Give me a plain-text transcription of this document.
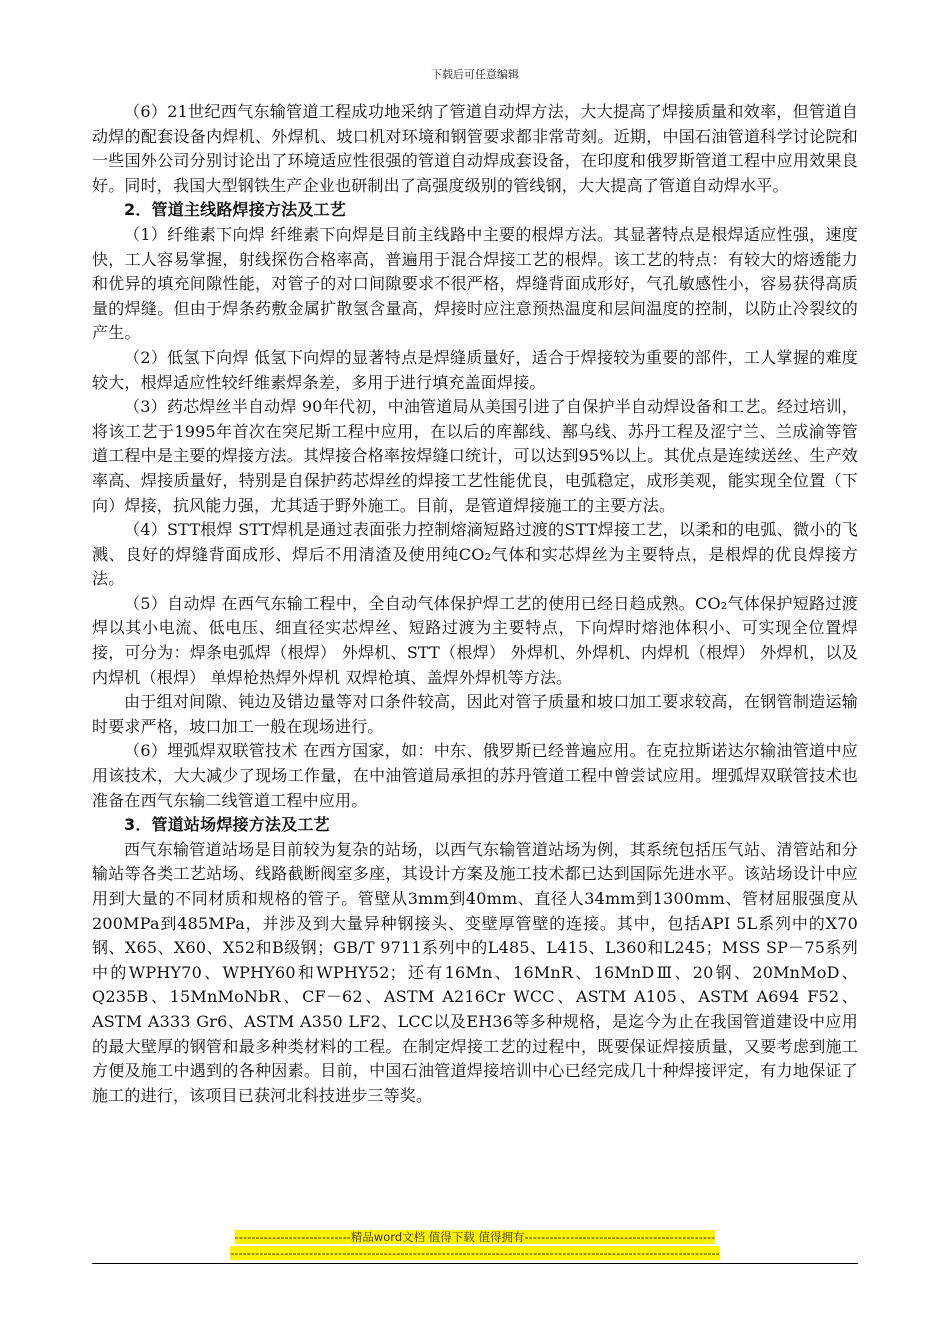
下载后可任意编辑

（6）21世纪西气东输管道工程成功地采纳了管道自动焊方法，大大提高了焊接质量和效率，但管道自动焊的配套设备内焊机、外焊机、坡口机对环境和钢管要求都非常苛刻。近期，中国石油管道科学讨论院和一些国外公司分别讨论出了环境适应性很强的管道自动焊成套设备，在印度和俄罗斯管道工程中应用效果良好。同时，我国大型钢铁生产企业也研制出了高强度级别的管线钢，大大提高了管道自动焊水平。

2．管道主线路焊接方法及工艺

（1）纤维素下向焊 纤维素下向焊是目前主线路中主要的根焊方法。其显著特点是根焊适应性强，速度快，工人容易掌握，射线探伤合格率高，普遍用于混合焊接工艺的根焊。该工艺的特点：有较大的熔透能力和优异的填充间隙性能，对管子的对口间隙要求不很严格，焊缝背面成形好，气孔敏感性小，容易获得高质量的焊缝。但由于焊条药敷金属扩散氢含量高，焊接时应注意预热温度和层间温度的控制，以防止冷裂纹的产生。

（2）低氢下向焊 低氢下向焊的显著特点是焊缝质量好，适合于焊接较为重要的部件，工人掌握的难度较大，根焊适应性较纤维素焊条差，多用于进行填充盖面焊接。

（3）药芯焊丝半自动焊 90年代初，中油管道局从美国引进了自保护半自动焊设备和工艺。经过培训，将该工艺于1995年首次在突尼斯工程中应用，在以后的库鄯线、鄯乌线、苏丹工程及涩宁兰、兰成渝等管道工程中是主要的焊接方法。其焊接合格率按焊缝口统计，可以达到95%以上。其优点是连续送丝、生产效率高、焊接质量好，特别是自保护药芯焊丝的焊接工艺性能优良，电弧稳定，成形美观，能实现全位置（下向）焊接，抗风能力强，尤其适于野外施工。目前，是管道焊接施工的主要方法。

（4）STT根焊 STT焊机是通过表面张力控制熔滴短路过渡的STT焊接工艺，以柔和的电弧、微小的飞溅、良好的焊缝背面成形、焊后不用清渣及使用纯CO₂气体和实芯焊丝为主要特点，是根焊的优良焊接方法。

（5）自动焊 在西气东输工程中，全自动气体保护焊工艺的使用已经日趋成熟。CO₂气体保护短路过渡焊以其小电流、低电压、细直径实芯焊丝、短路过渡为主要特点，下向焊时熔池体积小、可实现全位置焊接，可分为：焊条电弧焊（根焊） 外焊机、STT（根焊） 外焊机、外焊机、内焊机（根焊） 外焊机，以及内焊机（根焊） 单焊枪热焊外焊机 双焊枪填、盖焊外焊机等方法。

由于组对间隙、钝边及错边量等对口条件较高，因此对管子质量和坡口加工要求较高，在钢管制造运输时要求严格，坡口加工一般在现场进行。

（6）埋弧焊双联管技术 在西方国家，如：中东、俄罗斯已经普遍应用。在克拉斯诺达尔输油管道中应用该技术，大大减少了现场工作量，在中油管道局承担的苏丹管道工程中曾尝试应用。埋弧焊双联管技术也准备在西气东输二线管道工程中应用。

3．管道站场焊接方法及工艺

西气东输管道站场是目前较为复杂的站场，以西气东输管道站场为例，其系统包括压气站、清管站和分输站等各类工艺站场、线路截断阀室多座，其设计方案及施工技术都已达到国际先进水平。该站场设计中应用到大量的不同材质和规格的管子。管壁从3mm到40mm、直径人34mm到1300mm、管材屈服强度从200MPa到485MPa，并涉及到大量异种钢接头、变壁厚管壁的连接。其中，包括API 5L系列中的X70钢、X65、X60、X52和B级钢；GB/T 9711系列中的L485、L415、L360和L245；MSS SP－75系列中的WPHY70、WPHY60和WPHY52；还有16Mn、16MnR、16MnDⅢ、20钢、20MnMoD、Q235B、15MnMoNbR、CF－62、ASTM A216Cr WCC、ASTM A105、ASTM A694 F52、ASTM A333 Gr6、ASTM A350 LF2、LCC以及EH36等多种规格，是迄今为止在我国管道建设中应用的最大壁厚的钢管和最多种类材料的工程。在制定焊接工艺的过程中，既要保证焊接质量，又要考虑到施工方便及施工中遇到的各种因素。目前，中国石油管道焊接培训中心已经完成几十种焊接评定，有力地保证了施工的进行，该项目已获河北科技进步三等奖。

----------------------------精品word文档 值得下载 值得拥有----------------------------------------------
----------------------------------------------------------------------------------------------------------------------
